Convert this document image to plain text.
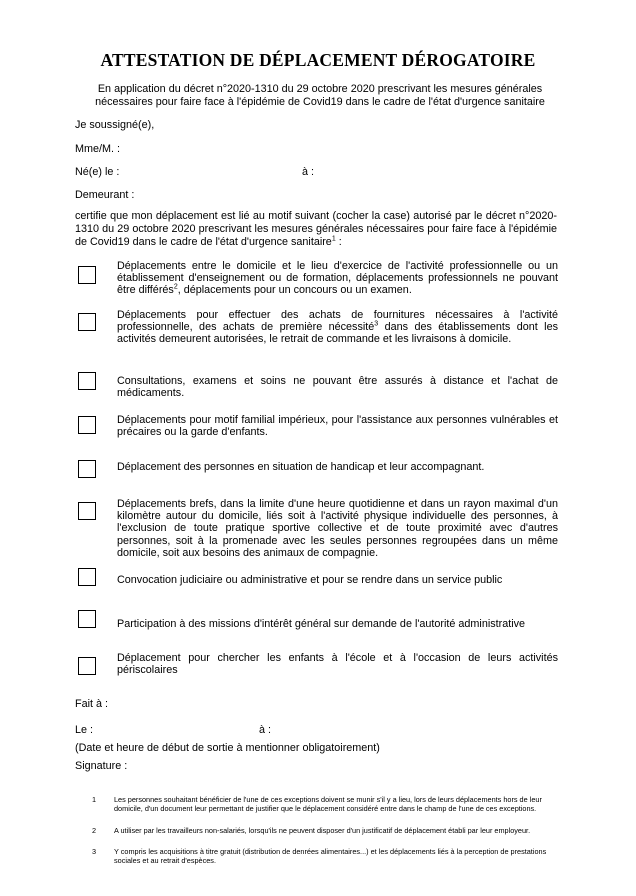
ATTESTATION DE DÉPLACEMENT DÉROGATOIRE
En application du décret n°2020-1310 du 29 octobre 2020 prescrivant les mesures générales
nécessaires pour faire face à l'épidémie de Covid19 dans le cadre de l'état d'urgence sanitaire
Je soussigné(e),
Mme/M. :
Né(e) le :	à :
Demeurant :
certifie que mon déplacement est lié au motif suivant (cocher la case) autorisé par le décret n°2020-1310 du 29 octobre 2020 prescrivant les mesures générales nécessaires pour faire face à l'épidémie de Covid19 dans le cadre de l'état d'urgence sanitaire$^1$ :
Déplacements entre le domicile et le lieu d'exercice de l'activité professionnelle ou un établissement d'enseignement ou de formation, déplacements professionnels ne pouvant être différés$^2$, déplacements pour un concours ou un examen.
Déplacements pour effectuer des achats de fournitures nécessaires à l'activité professionnelle, des achats de première nécessité$^3$ dans des établissements dont les activités demeurent autorisées, le retrait de commande et les livraisons à domicile.
Consultations, examens et soins ne pouvant être assurés à distance et l'achat de médicaments.
Déplacements pour motif familial impérieux, pour l'assistance aux personnes vulnérables et précaires ou la garde d'enfants.
Déplacement des personnes en situation de handicap et leur accompagnant.
Déplacements brefs, dans la limite d'une heure quotidienne et dans un rayon maximal d'un kilomètre autour du domicile, liés soit à l'activité physique individuelle des personnes, à l'exclusion de toute pratique sportive collective et de toute proximité avec d'autres personnes, soit à la promenade avec les seules personnes regroupées dans un même domicile, soit aux besoins des animaux de compagnie.
Convocation judiciaire ou administrative et pour se rendre dans un service public
Participation à des missions d'intérêt général sur demande de l'autorité administrative
Déplacement pour chercher les enfants à l'école et à l'occasion de leurs activités périscolaires
Fait à :
Le :	à :
(Date et heure de début de sortie à mentionner obligatoirement)
Signature :
1	Les personnes souhaitant bénéficier de l'une de ces exceptions doivent se munir s'il y a lieu, lors de leurs déplacements hors de leur domicile, d'un document leur permettant de justifier que le déplacement considéré entre dans le champ de l'une de ces exceptions.
2	A utiliser par les travailleurs non-salariés, lorsqu'ils ne peuvent disposer d'un justificatif de déplacement établi par leur employeur.
3	Y compris les acquisitions à titre gratuit (distribution de denrées alimentaires...) et les déplacements liés à la perception de prestations sociales et au retrait d'espèces.
